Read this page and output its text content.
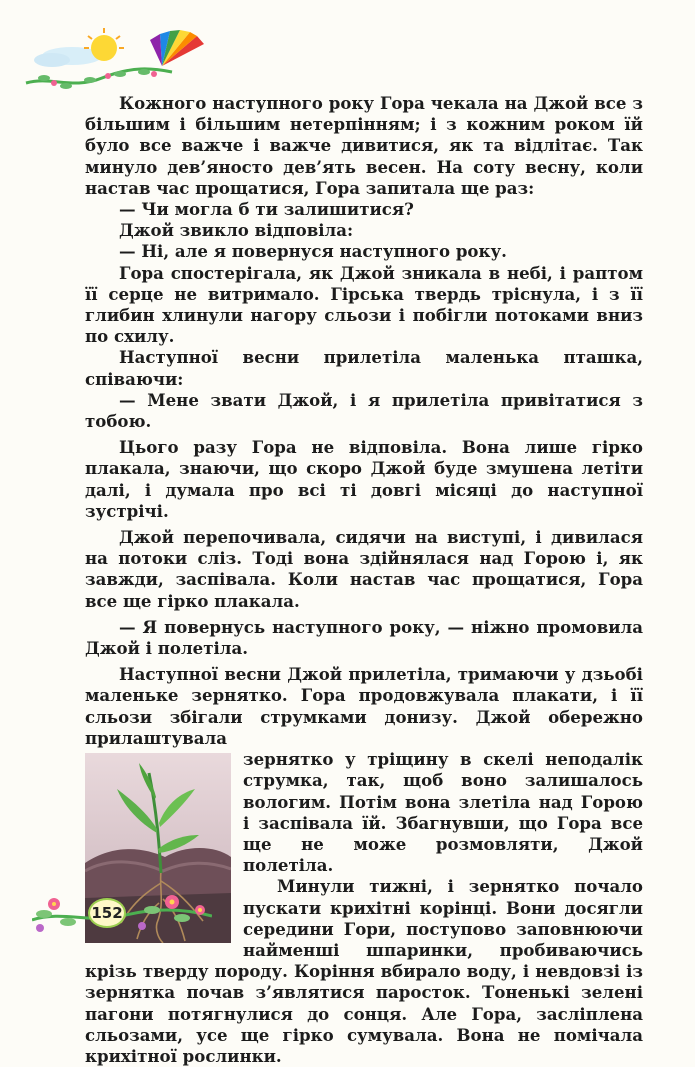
Кожного наступного року Гора чекала на Джой все з більшим і більшим нетерпінням; і з кожним роком їй було все важче і важче дивитися, як та відлітає. Так минуло дев’яносто дев’ять весен. На соту весну, коли настав час прощатися, Гора запитала ще раз:

— Чи могла б ти залишитися?

Джой звикло відповіла:

— Ні, але я повернуся наступного року.

Гора спостерігала, як Джой зникала в небі, і раптом її серце не витримало. Гірська твердь тріснула, і з її глибин хлинули нагору сльози і побігли потоками вниз по схилу.

Наступної весни прилетіла маленька пташка, співаючи:

— Мене звати Джой, і я прилетіла привітатися з тобою.

Цього разу Гора не відповіла. Вона лише гірко плакала, знаючи, що скоро Джой буде змушена летіти далі, і думала про всі ті довгі місяці до наступної зустрічі.

Джой перепочивала, сидячи на виступі, і дивилася на потоки сліз. Тоді вона здійнялася над Горою і, як завжди, заспівала. Коли настав час прощатися, Гора все ще гірко плакала.

— Я повернусь наступного року, — ніжно промовила Джой і полетіла.

Наступної весни Джой прилетіла, тримаючи у дзьобі маленьке зернятко. Гора продовжувала плакати, і її сльози збігали струмками донизу. Джой обережно прилаштувала

зернятко у тріщину в скелі неподалік струмка, так, щоб воно залишалось вологим. Потім вона злетіла над Горою і заспівала їй. Збагнувши, що Гора все ще не може розмовляти, Джой полетіла.

Минули тижні, і зернятко почало пускати крихітні корінці. Вони досягли середини Гори, поступово заповнюючи найменші шпаринки, пробиваючись крізь тверду породу. Коріння вбирало воду, і невдовзі із зернятка почав з’являтися паросток. Тоненькі зелені пагони потягнулися до сонця. Але Гора, засліплена сльозами, усе ще гірко сумувала. Вона не помічала крихітної рослинки.

152
